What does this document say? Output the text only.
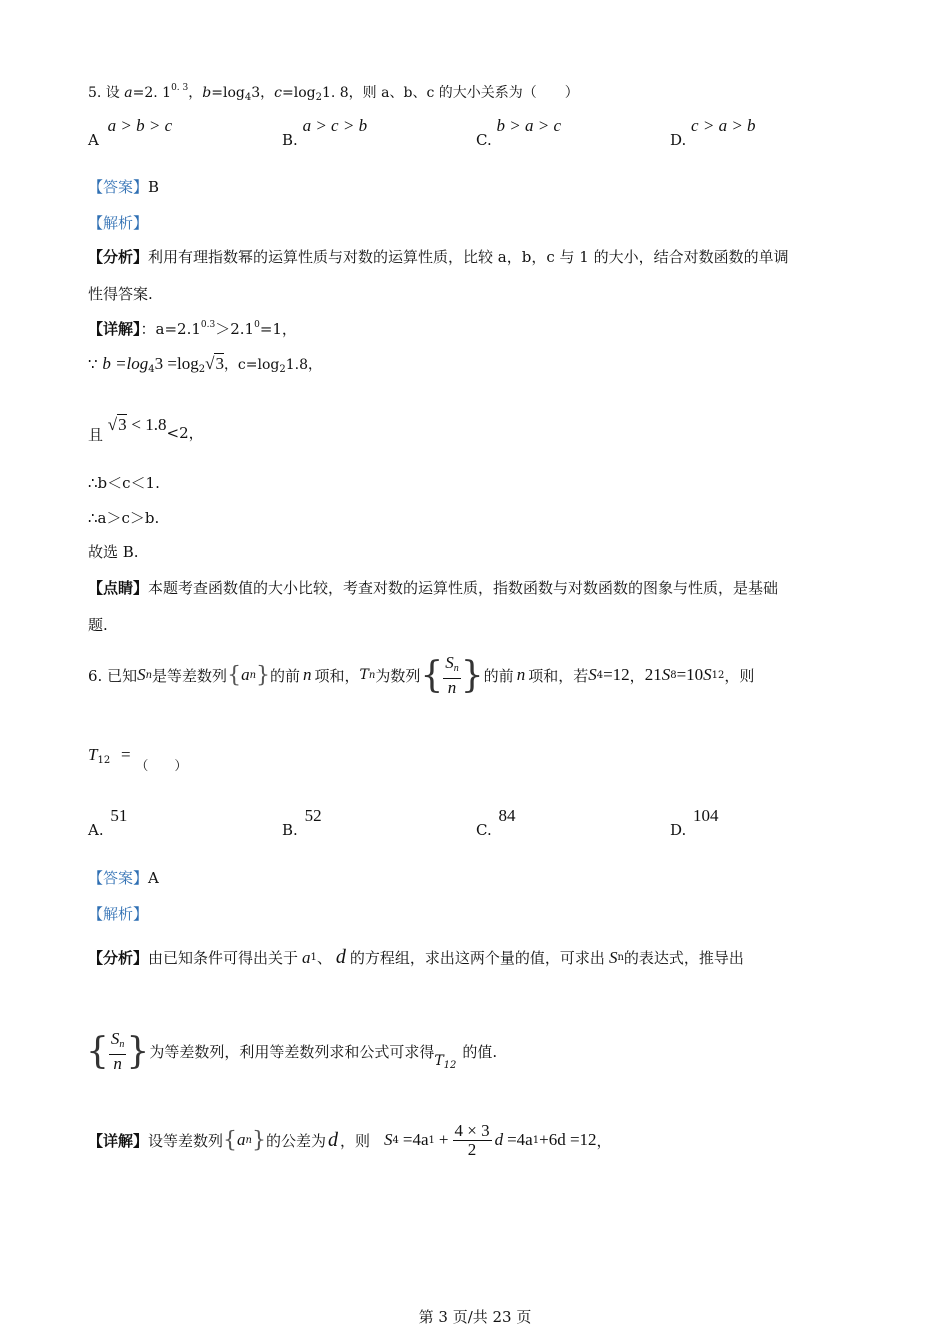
5. 设 a=2. $1^{0. 3}$，$b=\log_43$，$c=\log_21$. 8，则 a、b、c 的大小关系为（　　）
A a > b > c
B. a > c > b
C. b > a > c
D. c > a > b
【答案】B
【解析】
【分析】利用有理指数幂的运算性质与对数的运算性质，比较 a，b，c 与 1 的大小，结合对数函数的单调
性得答案.
【详解】：$a=2.1^{0.3}>2.1^0=1$，
∵ $b =\log_43 =\log_2√3$，$c=\log_21.8$，
且 √3 < 1.8<2，
∴b＜c＜1.
∴a＞c＞b.
故选 B.
【点睛】本题考查函数值的大小比较，考查对数的运算性质，指数函数与对数函数的图象与性质，是基础
题.
6. 已知 S n 是等差数列 { a n } 的前 n 项和， T n 为数列 { $\frac{S_n}{n}$ } 的前 n 项和，若 S 4 =12 ， 21 S 8 =10 S 12 ，则
$T_{12}$ = （　　）
A. 51
B. 52
C. 84
D. 104
【答案】A
【解析】
【分析】 由已知条件可得出关于 a 1 、 d 的方程组，求出这两个量的值，可求出 S n 的表达式，推导出
{ $\frac{S_n}{n}$ } 为等差数列，利用等差数列求和公式可求得 $T_{12}$
的值.
【详解】 设等差数列 { a n } 的公差为 d ，则 S 4 =4a $1 + \frac{4 \times 3}{2}$ d =4a 1 +6d =12 ，
第 3 页/共 23 页
